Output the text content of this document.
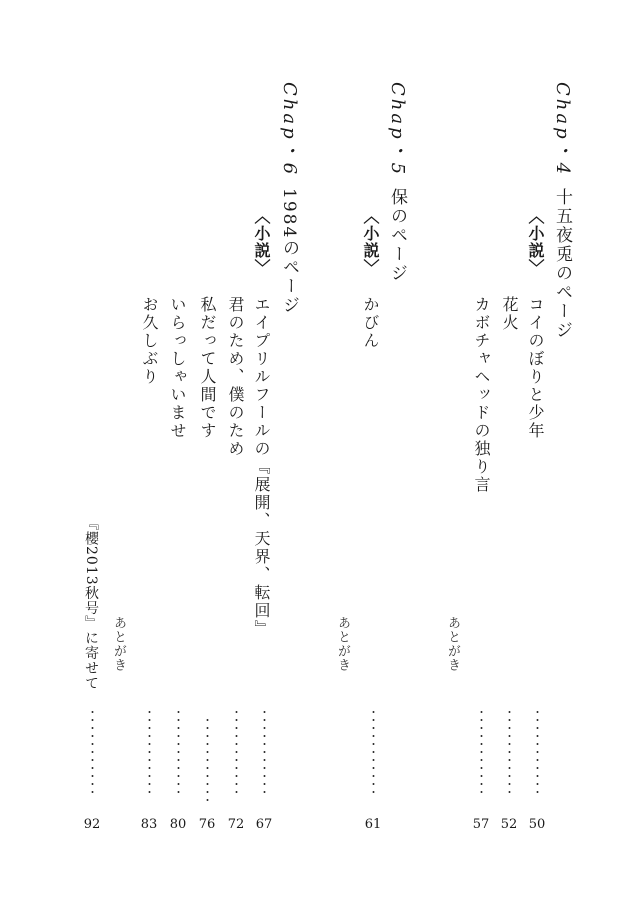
Chap・4
十五夜兎のページ
〈小説〉
コイのぼりと少年
花火
カボチャヘッドの独り言
あとがき
Chap・5
保のページ
〈小説〉
かびん
あとがき
Chap・6
1984のページ
〈小説〉
エイプリルフールの『展開、天界、転回』
君のため、僕のため
私だって人間です
いらっしゃいませ
お久しぶり
あとがき
『櫻2013秋号』に寄せて
50
52
57
61
67
72
76
80
83
92
